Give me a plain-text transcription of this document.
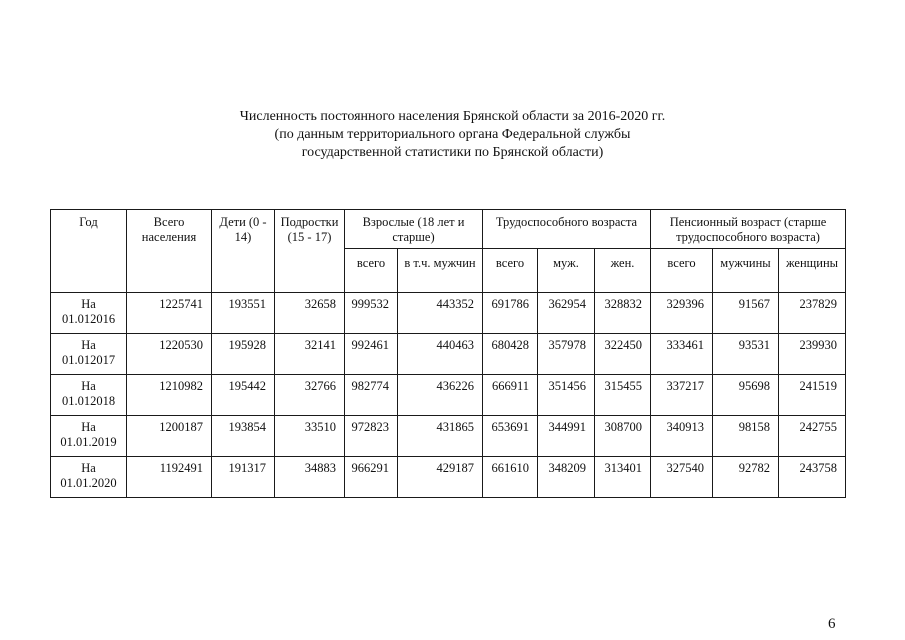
Численность постоянного населения Брянской области за 2016-2020 гг.
(по данным территориального органа Федеральной службы
государственной статистики по Брянской области)
Год	Всего населения	Дети (0 - 14)	Подростки (15 - 17)	Взрослые (18 лет и старше)		Трудоспособного возраста			Пенсионный возраст (старше трудоспособного возраста)		
				всего	в т.ч. мужчин	всего	муж.	жен.	всего	мужчины	женщины
На 01.012016	1225741	193551	32658	999532	443352	691786	362954	328832	329396	91567	237829
На 01.012017	1220530	195928	32141	992461	440463	680428	357978	322450	333461	93531	239930
На 01.012018	1210982	195442	32766	982774	436226	666911	351456	315455	337217	95698	241519
На 01.01.2019	1200187	193854	33510	972823	431865	653691	344991	308700	340913	98158	242755
На 01.01.2020	1192491	191317	34883	966291	429187	661610	348209	313401	327540	92782	243758
6
